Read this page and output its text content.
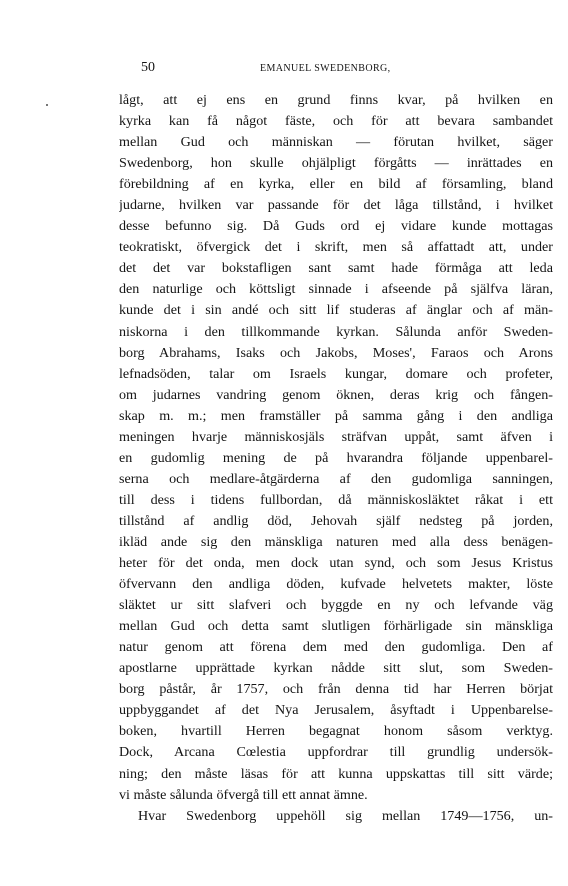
50	EMANUEL SWEDENBORG,
lågt, att ej ens en grund finns kvar, på hvilken en
kyrka kan få något fäste, och för att bevara sambandet
mellan Gud och människan — förutan hvilket, säger
Swedenborg, hon skulle ohjälpligt förgåtts — inrättades en
förebildning af en kyrka, eller en bild af församling, bland
judarne, hvilken var passande för det låga tillstånd, i hvilket
desse befunno sig. Då Guds ord ej vidare kunde mottagas
teokratiskt, öfvergick det i skrift, men så affattadt att, under
det det var bokstafligen sant samt hade förmåga att leda
den naturlige och köttsligt sinnade i afseende på själfva läran,
kunde det i sin andé och sitt lif studeras af änglar och af män-
niskorna i den tillkommande kyrkan. Sålunda anför Sweden-
borg Abrahams, Isaks och Jakobs, Moses', Faraos och Arons
lefnadsöden, talar om Israels kungar, domare och profeter,
om judarnes vandring genom öknen, deras krig och fången-
skap m. m.; men framställer på samma gång i den andliga
meningen hvarje människosjäls sträfvan uppåt, samt äfven i
en gudomlig mening de på hvarandra följande uppenbarel-
serna och medlare-åtgärderna af den gudomliga sanningen,
till dess i tidens fullbordan, då människosläktet råkat i ett
tillstånd af andlig död, Jehovah själf nedsteg på jorden,
ikläd ande sig den mänskliga naturen med alla dess benägen-
heter för det onda, men dock utan synd, och som Jesus Kristus
öfvervann den andliga döden, kufvade helvetets makter, löste
släktet ur sitt slafveri och byggde en ny och lefvande väg
mellan Gud och detta samt slutligen förhärligade sin mänskliga
natur genom att förena dem med den gudomliga. Den af
apostlarne upprättade kyrkan nådde sitt slut, som Sweden-
borg påstår, år 1757, och från denna tid har Herren börjat
uppbyggandet af det Nya Jerusalem, åsyftadt i Uppenbarelse-
boken, hvartill Herren begagnat honom såsom verktyg.
Dock, Arcana Cœlestia uppfordrar till grundlig undersök-
ning; den måste läsas för att kunna uppskattas till sitt värde;
vi måste sålunda öfvergå till ett annat ämne.
Hvar Swedenborg uppehöll sig mellan 1749—1756, un-
